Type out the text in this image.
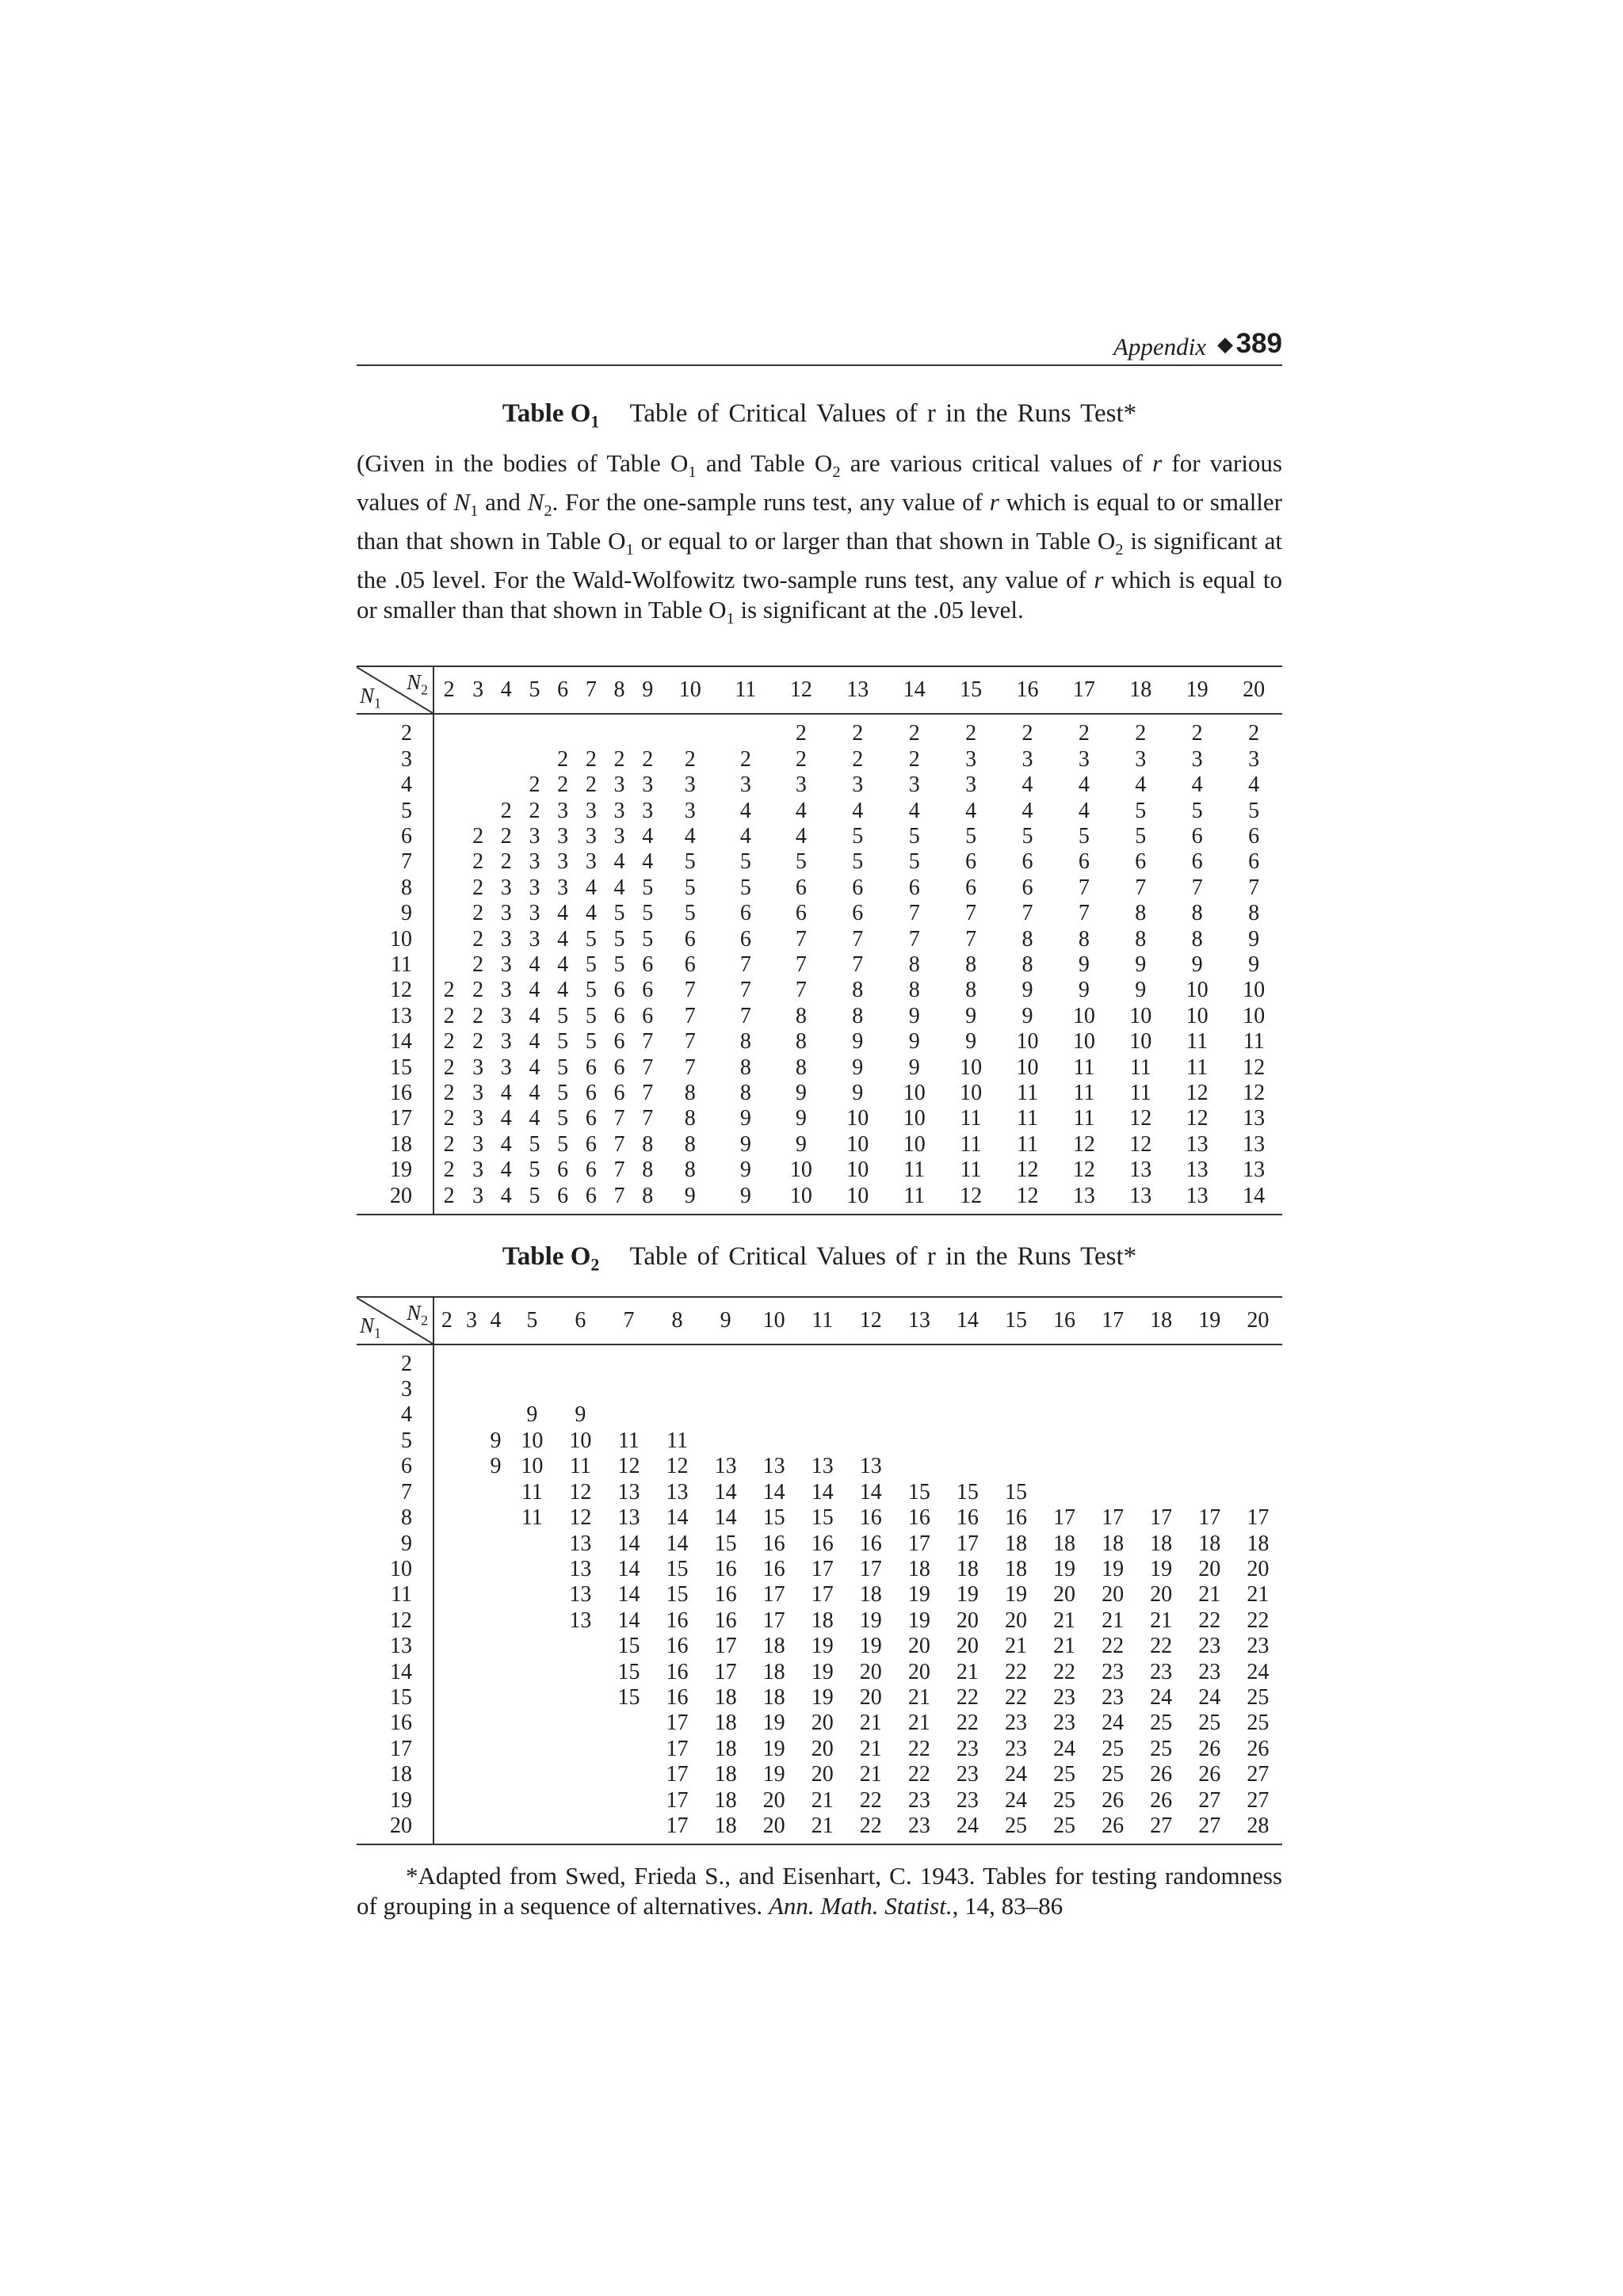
Appendix ◆ 389

Table $O_1$ Table of Critical Values of r in the Runs Test*

(Given in the bodies of Table $O_1$ and Table $O_2$ are various critical values of r for various values of $N_1$ and $N_2$. For the one-sample runs test, any value of r which is equal to or smaller than that shown in Table $O_1$ or equal to or larger than that shown in Table $O_2$ is significant at the .05 level. For the Wald-Wolfowitz two-sample runs test, any value of r which is equal to or smaller than that shown in Table $O_1$ is significant at the .05 level.

$N_2$
$N_1$	2	3	4	5	6	7	8	9	10	11	12	13	14	15	16	17	18	19	20
2											2	2	2	2	2	2	2	2	2
3					2	2	2	2	2	2	2	2	2	3	3	3	3	3	3
4				2	2	2	3	3	3	3	3	3	3	3	4	4	4	4	4
5			2	2	3	3	3	3	3	4	4	4	4	4	4	4	5	5	5
6		2	2	3	3	3	3	4	4	4	4	5	5	5	5	5	5	6	6
7		2	2	3	3	3	4	4	5	5	5	5	5	6	6	6	6	6	6
8		2	3	3	3	4	4	5	5	5	6	6	6	6	6	7	7	7	7
9		2	3	3	4	4	5	5	5	6	6	6	7	7	7	7	8	8	8
10		2	3	3	4	5	5	5	6	6	7	7	7	7	8	8	8	8	9
11		2	3	4	4	5	5	6	6	7	7	7	8	8	8	9	9	9	9
12	2	2	3	4	4	5	6	6	7	7	7	8	8	8	9	9	9	10	10
13	2	2	3	4	5	5	6	6	7	7	8	8	9	9	9	10	10	10	10
14	2	2	3	4	5	5	6	7	7	8	8	9	9	9	10	10	10	11	11
15	2	3	3	4	5	6	6	7	7	8	8	9	9	10	10	11	11	11	12
16	2	3	4	4	5	6	6	7	8	8	9	9	10	10	11	11	11	12	12
17	2	3	4	4	5	6	7	7	8	9	9	10	10	11	11	11	12	12	13
18	2	3	4	5	5	6	7	8	8	9	9	10	10	11	11	12	12	13	13
19	2	3	4	5	6	6	7	8	8	9	10	10	11	11	12	12	13	13	13
20	2	3	4	5	6	6	7	8	9	9	10	10	11	12	12	13	13	13	14

Table $O_2$ Table of Critical Values of r in the Runs Test*

$N_2$
$N_1$	2	3	4	5	6	7	8	9	10	11	12	13	14	15	16	17	18	19	20
2																			
3																			
4				9	9														
5			9	10	10	11	11												
6			9	10	11	12	12	13	13	13	13								
7				11	12	13	13	14	14	14	14	15	15	15					
8				11	12	13	14	14	15	15	16	16	16	16	17	17	17	17	17
9					13	14	14	15	16	16	16	17	17	18	18	18	18	18	18
10					13	14	15	16	16	17	17	18	18	18	19	19	19	20	20
11					13	14	15	16	17	17	18	19	19	19	20	20	20	21	21
12					13	14	16	16	17	18	19	19	20	20	21	21	21	22	22
13						15	16	17	18	19	19	20	20	21	21	22	22	23	23
14						15	16	17	18	19	20	20	21	22	22	23	23	23	24
15						15	16	18	18	19	20	21	22	22	23	23	24	24	25
16							17	18	19	20	21	21	22	23	23	24	25	25	25
17							17	18	19	20	21	22	23	23	24	25	25	26	26
18							17	18	19	20	21	22	23	24	25	25	26	26	27
19							17	18	20	21	22	23	23	24	25	26	26	27	27
20							17	18	20	21	22	23	24	25	25	26	27	27	28

*Adapted from Swed, Frieda S., and Eisenhart, C. 1943. Tables for testing randomness of grouping in a sequence of alternatives. Ann. Math. Statist., 14, 83–86
